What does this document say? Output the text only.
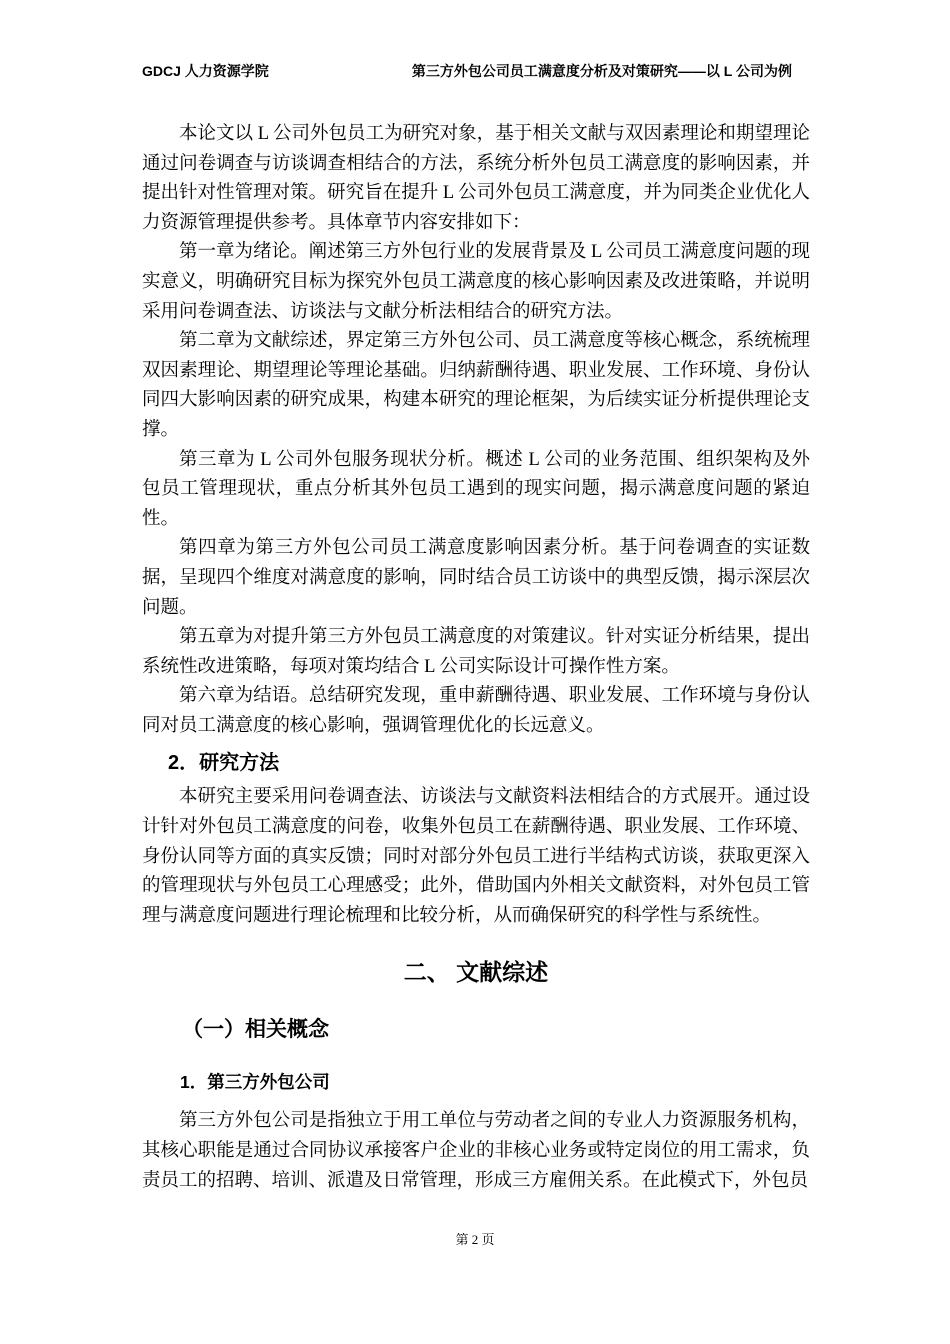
GDCJ 人力资源学院	第三方外包公司员工满意度分析及对策研究——以 L 公司为例

本论文以 L 公司外包员工为研究对象，基于相关文献与双因素理论和期望理论通过问卷调查与访谈调查相结合的方法，系统分析外包员工满意度的影响因素，并提出针对性管理对策。研究旨在提升 L 公司外包员工满意度，并为同类企业优化人力资源管理提供参考。具体章节内容安排如下：

第一章为绪论。阐述第三方外包行业的发展背景及 L 公司员工满意度问题的现实意义，明确研究目标为探究外包员工满意度的核心影响因素及改进策略，并说明采用问卷调查法、访谈法与文献分析法相结合的研究方法。

第二章为文献综述，界定第三方外包公司、员工满意度等核心概念，系统梳理双因素理论、期望理论等理论基础。归纳薪酬待遇、职业发展、工作环境、身份认同四大影响因素的研究成果，构建本研究的理论框架，为后续实证分析提供理论支撑。

第三章为 L 公司外包服务现状分析。概述 L 公司的业务范围、组织架构及外包员工管理现状，重点分析其外包员工遇到的现实问题，揭示满意度问题的紧迫性。

第四章为第三方外包公司员工满意度影响因素分析。基于问卷调查的实证数据，呈现四个维度对满意度的影响，同时结合员工访谈中的典型反馈，揭示深层次问题。

第五章为对提升第三方外包员工满意度的对策建议。针对实证分析结果，提出系统性改进策略，每项对策均结合 L 公司实际设计可操作性方案。

第六章为结语。总结研究发现，重申薪酬待遇、职业发展、工作环境与身份认同对员工满意度的核心影响，强调管理优化的长远意义。

2．研究方法

本研究主要采用问卷调查法、访谈法与文献资料法相结合的方式展开。通过设计针对外包员工满意度的问卷，收集外包员工在薪酬待遇、职业发展、工作环境、身份认同等方面的真实反馈；同时对部分外包员工进行半结构式访谈，获取更深入的管理现状与外包员工心理感受；此外，借助国内外相关文献资料，对外包员工管理与满意度问题进行理论梳理和比较分析，从而确保研究的科学性与系统性。

二、 文献综述
（一）相关概念
1．第三方外包公司

第三方外包公司是指独立于用工单位与劳动者之间的专业人力资源服务机构，其核心职能是通过合同协议承接客户企业的非核心业务或特定岗位的用工需求，负责员工的招聘、培训、派遣及日常管理，形成三方雇佣关系。在此模式下，外包员

第 2 页
